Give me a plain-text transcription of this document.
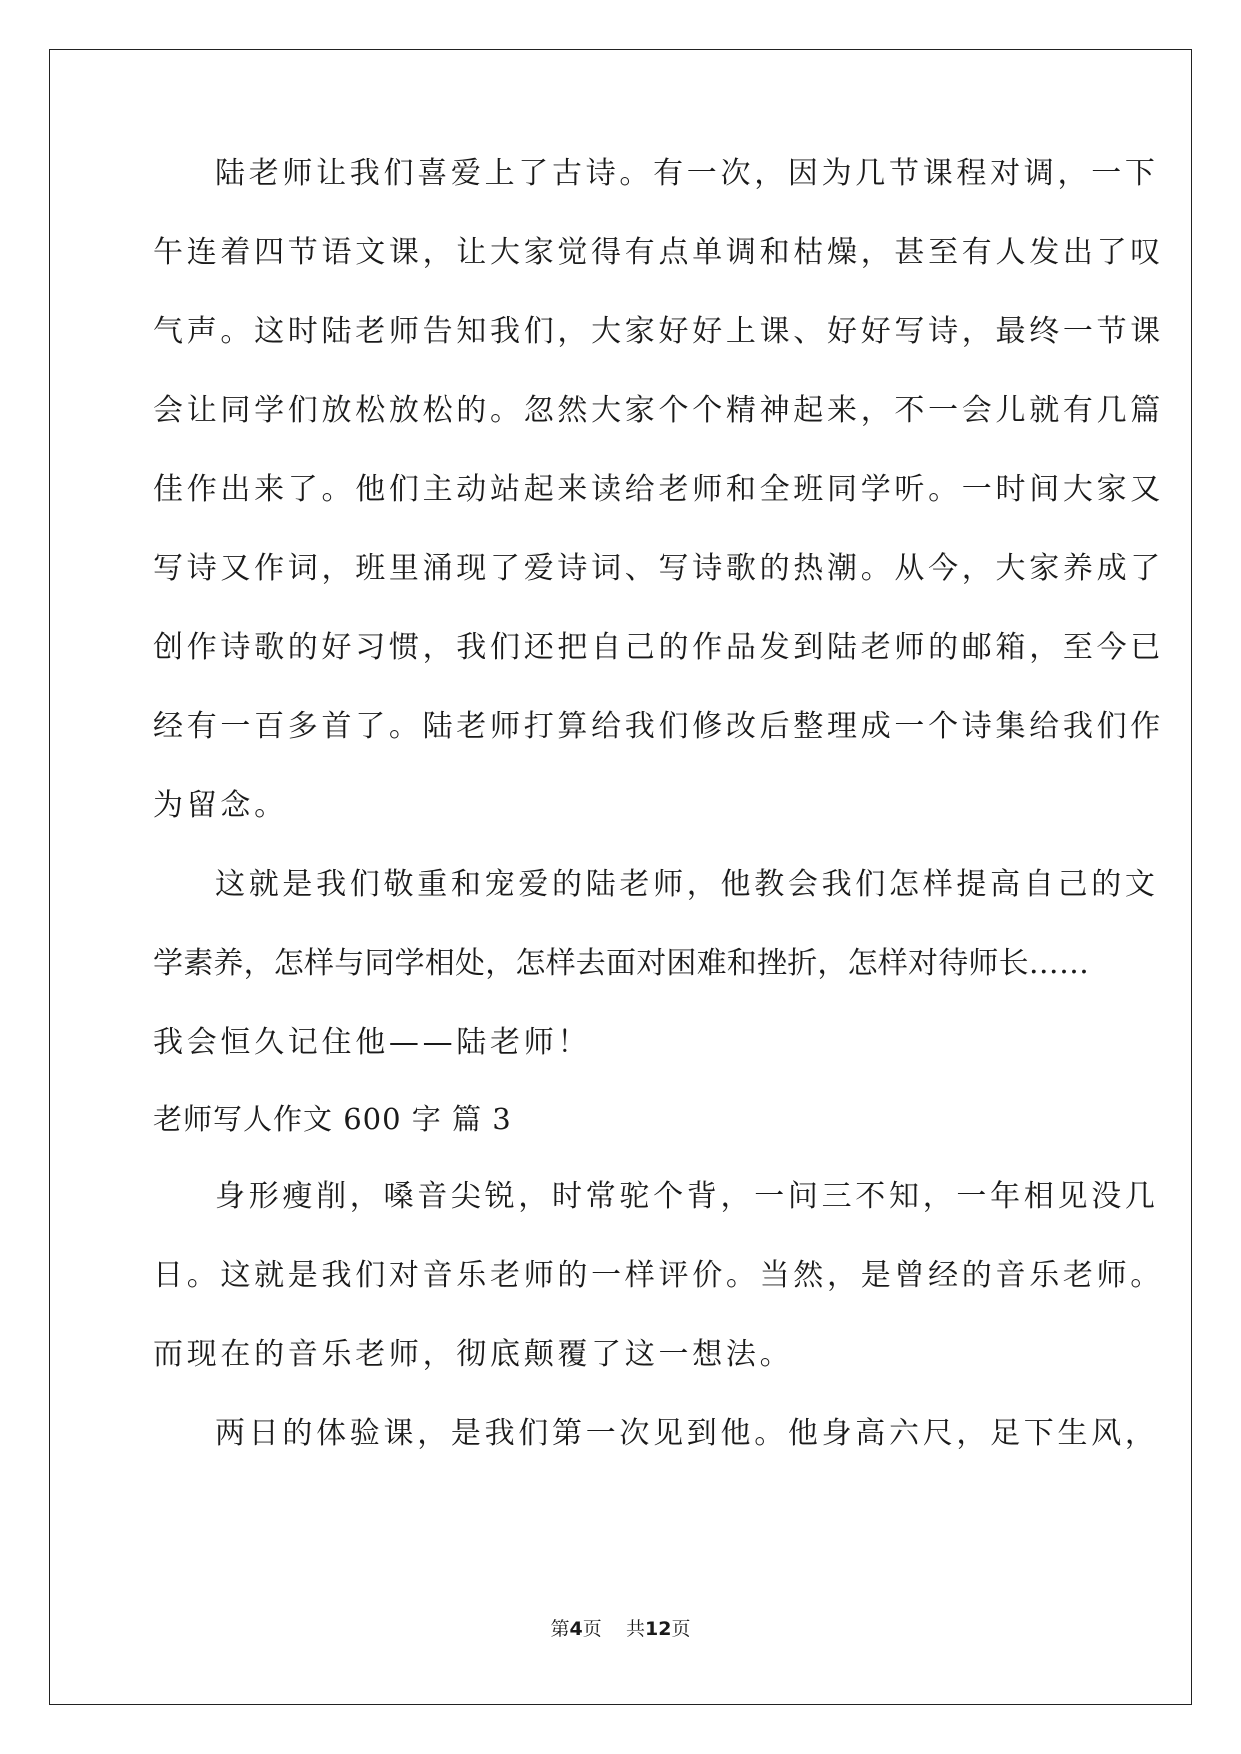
陆老师让我们喜爱上了古诗。有一次，因为几节课程对调，一下
午连着四节语文课，让大家觉得有点单调和枯燥，甚至有人发出了叹
气声。这时陆老师告知我们，大家好好上课、好好写诗，最终一节课
会让同学们放松放松的。忽然大家个个精神起来，不一会儿就有几篇
佳作出来了。他们主动站起来读给老师和全班同学听。一时间大家又
写诗又作词，班里涌现了爱诗词、写诗歌的热潮。从今，大家养成了
创作诗歌的好习惯，我们还把自己的作品发到陆老师的邮箱，至今已
经有一百多首了。陆老师打算给我们修改后整理成一个诗集给我们作
为留念。
这就是我们敬重和宠爱的陆老师，他教会我们怎样提高自己的文
学素养，怎样与同学相处，怎样去面对困难和挫折，怎样对待师长……
我会恒久记住他——陆老师！
老师写人作文 600 字 篇 3
身形瘦削，嗓音尖锐，时常驼个背，一问三不知，一年相见没几
日。这就是我们对音乐老师的一样评价。当然，是曾经的音乐老师。
而现在的音乐老师，彻底颠覆了这一想法。
两日的体验课，是我们第一次见到他。他身高六尺，足下生风，
第4页 共12页
